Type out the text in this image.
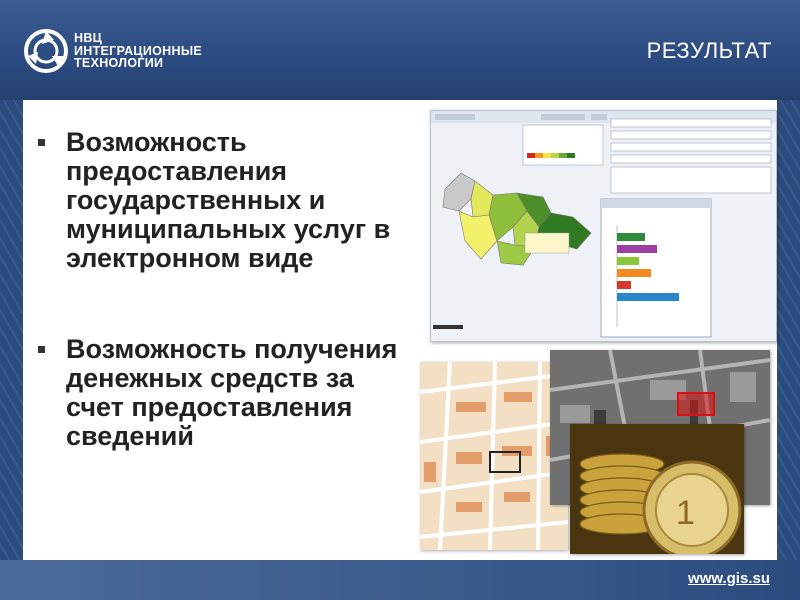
НВЦ
ИНТЕГРАЦИОННЫЕ
ТЕХНОЛОГИИ	РЕЗУЛЬТАТ
Возможность предоставления государственных и муниципальных услуг в электронном виде
Возможность получения денежных средств за счет предоставления сведений
1
www.gis.su
